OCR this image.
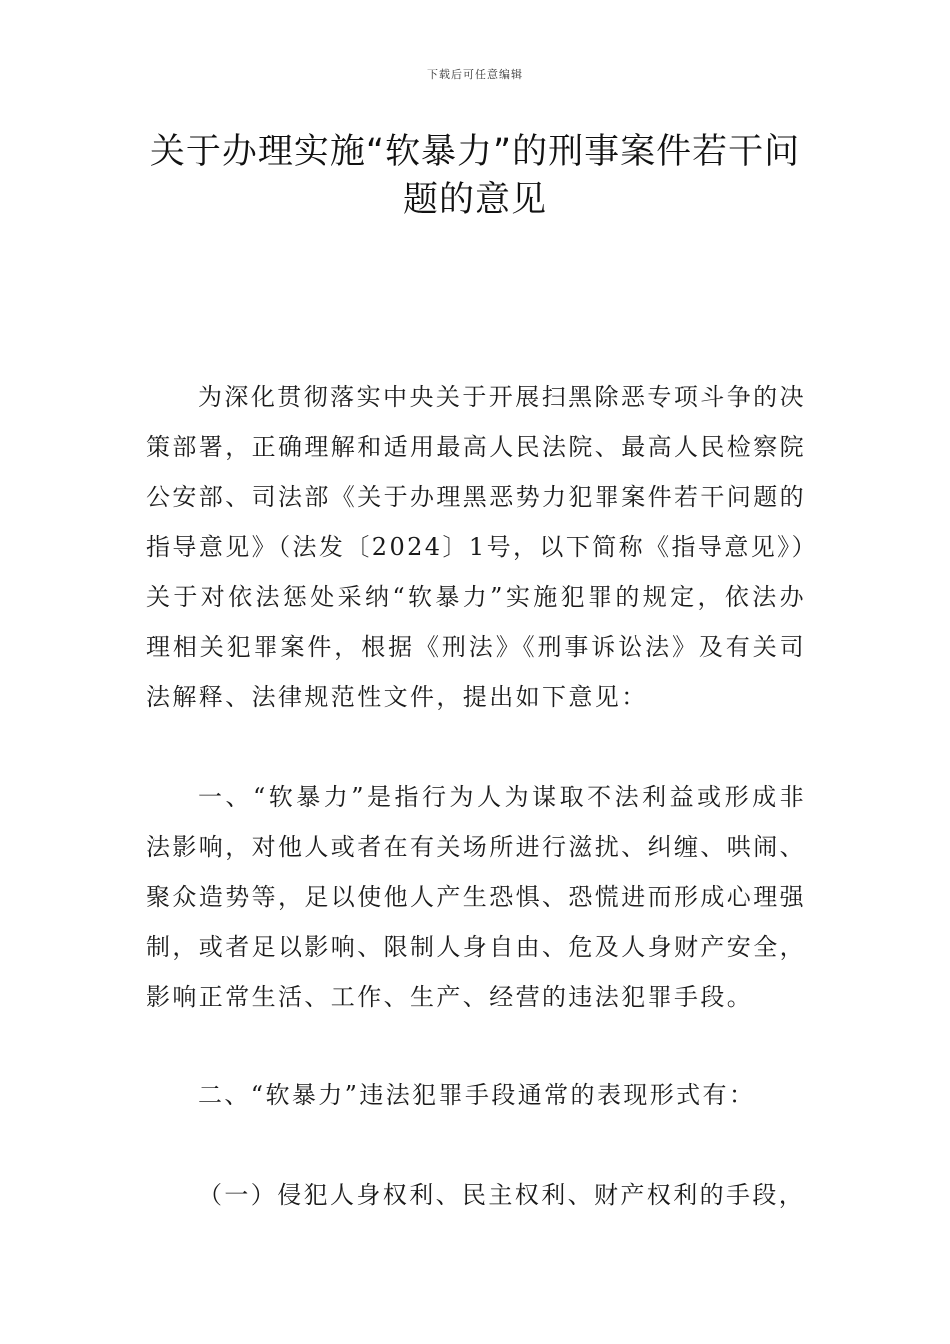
下载后可任意编辑
关于办理实施“软暴力”的刑事案件若干问题的意见

为深化贯彻落实中央关于开展扫黑除恶专项斗争的决策部署，正确理解和适用最高人民法院、最高人民检察院公安部、司法部《关于办理黑恶势力犯罪案件若干问题的指导意见》（法发〔2024〕1号，以下简称《指导意见》）关于对依法惩处采纳“软暴力”实施犯罪的规定，依法办理相关犯罪案件，根据《刑法》《刑事诉讼法》及有关司法解释、法律规范性文件，提出如下意见：

一、“软暴力”是指行为人为谋取不法利益或形成非法影响，对他人或者在有关场所进行滋扰、纠缠、哄闹、聚众造势等，足以使他人产生恐惧、恐慌进而形成心理强制，或者足以影响、限制人身自由、危及人身财产安全，影响正常生活、工作、生产、经营的违法犯罪手段。

二、“软暴力”违法犯罪手段通常的表现形式有：

（一）侵犯人身权利、民主权利、财产权利的手段，
